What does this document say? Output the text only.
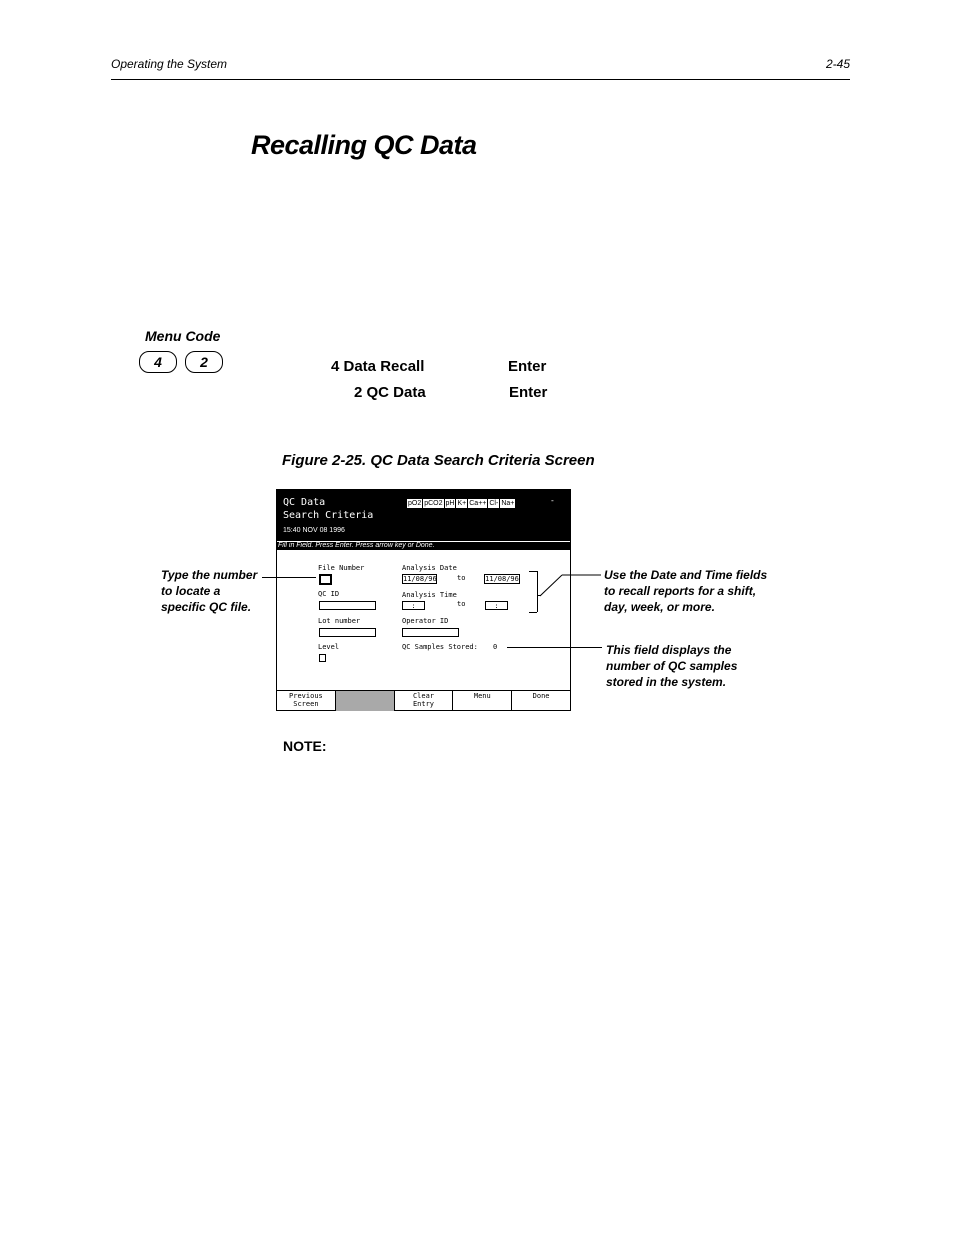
Operating the System	2-45
Recalling QC Data
Menu Code
4	2	4 Data Recall	Enter
2 QC Data	Enter
Figure 2-25. QC Data Search Criteria Screen
QC Data
Search Criteria
15:40 NOV 08 1996
pO2 pCO2 pH K+ Ca++ Cl- Na+	-
Fill in Field. Press Enter. Press arrow key or Done.
File Number
QC ID
Lot number
Level
Analysis Date
11/08/96	to	11/08/96
Analysis Time
:	to	:
Operator ID
QC Samples Stored: 0
Previous
Screen
Clear
Entry
Menu	Done
Type the number
to locate a
specific QC file.
Use the Date and Time fields
to recall reports for a shift,
day, week, or more.
This field displays the
number of QC samples
stored in the system.
NOTE:
